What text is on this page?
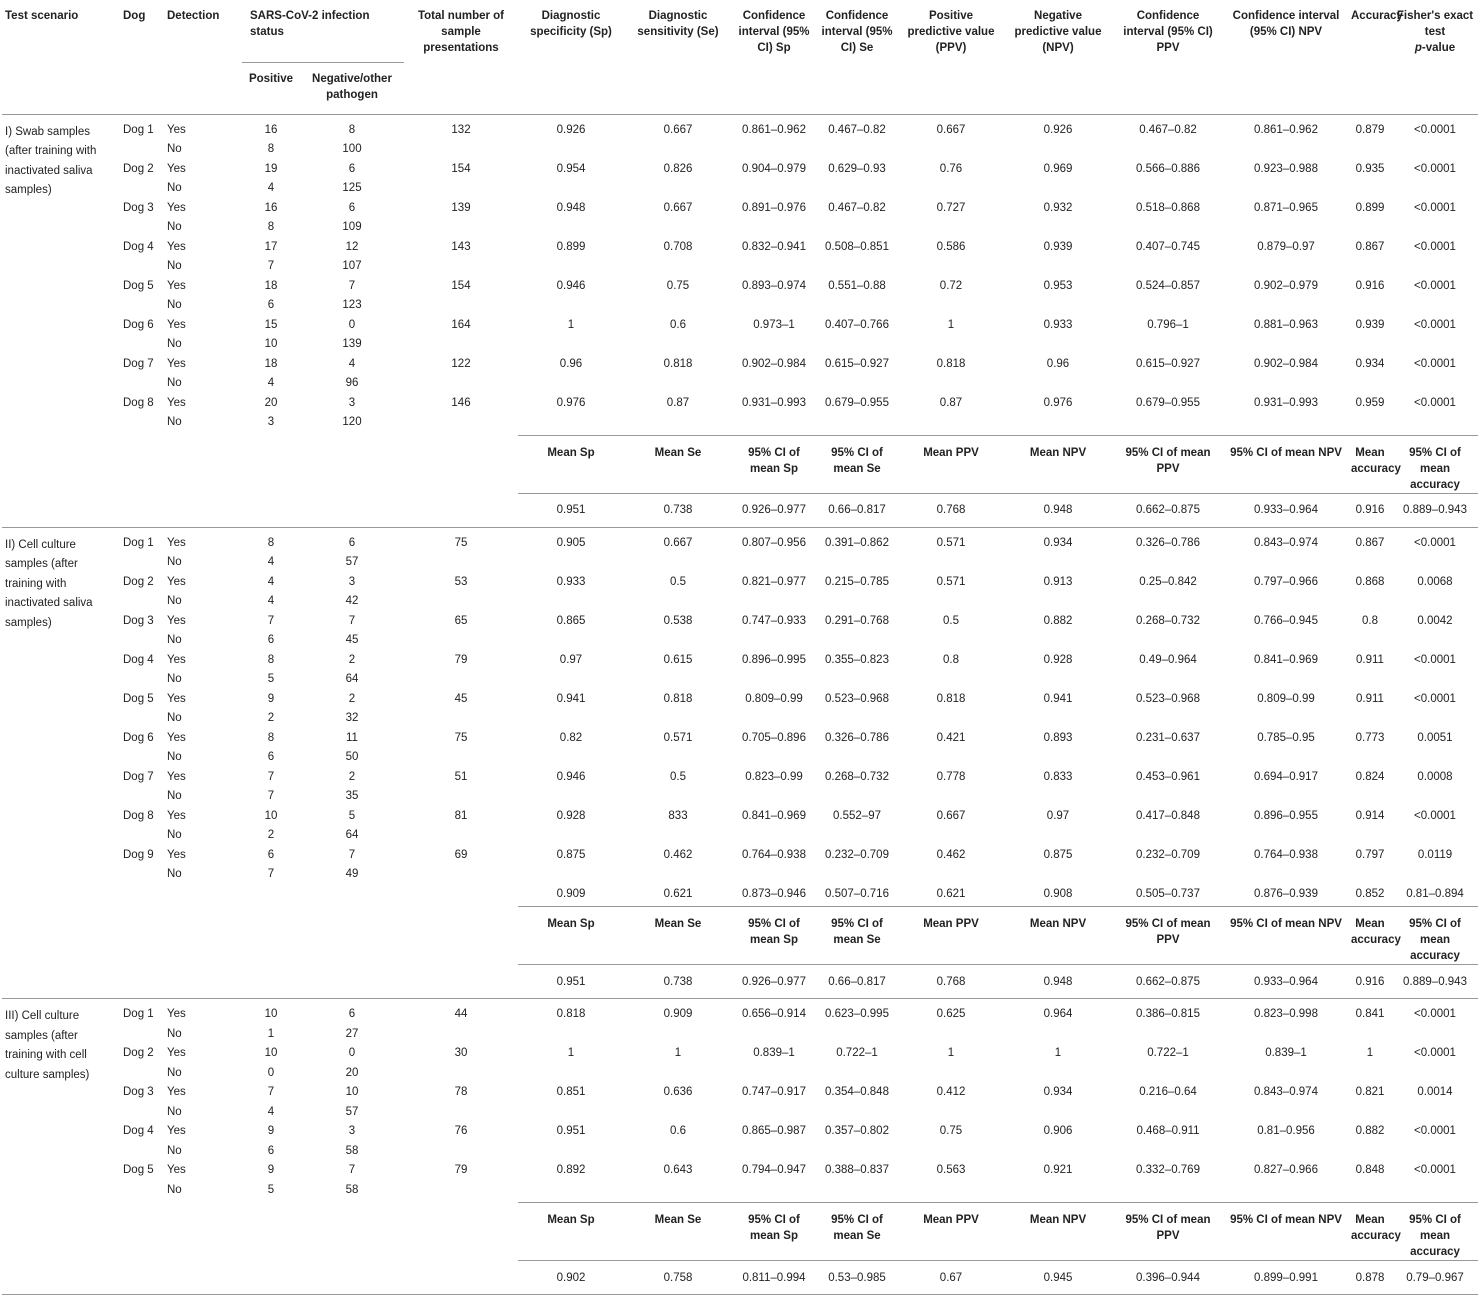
Test scenario	Dog	Detection	SARS-CoV-2 infection status		Total number of sample presentations	Diagnostic specificity (Sp)	Diagnostic sensitivity (Se)	Confidence interval (95% CI) Sp	Confidence interval (95% CI) Se	Positive predictive value (PPV)	Negative predictive value (NPV)	Confidence interval (95% CI) PPV	Confidence interval (95% CI) NPV	Accuracy	Fisher's exact test
p-value
			Positive	Negative/other pathogen											
I) Swab samples (after training with inactivated saliva samples)	Dog 1	Yes	16	8	132	0.926	0.667	0.861–0.962	0.467–0.82	0.667	0.926	0.467–0.82	0.861–0.962	0.879	<0.0001
		No	8	100											
	Dog 2	Yes	19	6	154	0.954	0.826	0.904–0.979	0.629–0.93	0.76	0.969	0.566–0.886	0.923–0.988	0.935	<0.0001
		No	4	125											
	Dog 3	Yes	16	6	139	0.948	0.667	0.891–0.976	0.467–0.82	0.727	0.932	0.518–0.868	0.871–0.965	0.899	<0.0001
		No	8	109											
	Dog 4	Yes	17	12	143	0.899	0.708	0.832–0.941	0.508–0.851	0.586	0.939	0.407–0.745	0.879–0.97	0.867	<0.0001
		No	7	107											
	Dog 5	Yes	18	7	154	0.946	0.75	0.893–0.974	0.551–0.88	0.72	0.953	0.524–0.857	0.902–0.979	0.916	<0.0001
		No	6	123											
	Dog 6	Yes	15	0	164	1	0.6	0.973–1	0.407–0.766	1	0.933	0.796–1	0.881–0.963	0.939	<0.0001
		No	10	139											
	Dog 7	Yes	18	4	122	0.96	0.818	0.902–0.984	0.615–0.927	0.818	0.96	0.615–0.927	0.902–0.984	0.934	<0.0001
		No	4	96											
	Dog 8	Yes	20	3	146	0.976	0.87	0.931–0.993	0.679–0.955	0.87	0.976	0.679–0.955	0.931–0.993	0.959	<0.0001
		No	3	120											
						Mean Sp	Mean Se	95% CI of mean Sp	95% CI of mean Se	Mean PPV	Mean NPV	95% CI of mean PPV	95% CI of mean NPV	Mean accuracy	95% CI of mean accuracy
						0.951	0.738	0.926–0.977	0.66–0.817	0.768	0.948	0.662–0.875	0.933–0.964	0.916	0.889–0.943
II) Cell culture samples (after training with inactivated saliva samples)	Dog 1	Yes	8	6	75	0.905	0.667	0.807–0.956	0.391–0.862	0.571	0.934	0.326–0.786	0.843–0.974	0.867	<0.0001
		No	4	57											
	Dog 2	Yes	4	3	53	0.933	0.5	0.821–0.977	0.215–0.785	0.571	0.913	0.25–0.842	0.797–0.966	0.868	0.0068
		No	4	42											
	Dog 3	Yes	7	7	65	0.865	0.538	0.747–0.933	0.291–0.768	0.5	0.882	0.268–0.732	0.766–0.945	0.8	0.0042
		No	6	45											
	Dog 4	Yes	8	2	79	0.97	0.615	0.896–0.995	0.355–0.823	0.8	0.928	0.49–0.964	0.841–0.969	0.911	<0.0001
		No	5	64											
	Dog 5	Yes	9	2	45	0.941	0.818	0.809–0.99	0.523–0.968	0.818	0.941	0.523–0.968	0.809–0.99	0.911	<0.0001
		No	2	32											
	Dog 6	Yes	8	11	75	0.82	0.571	0.705–0.896	0.326–0.786	0.421	0.893	0.231–0.637	0.785–0.95	0.773	0.0051
		No	6	50											
	Dog 7	Yes	7	2	51	0.946	0.5	0.823–0.99	0.268–0.732	0.778	0.833	0.453–0.961	0.694–0.917	0.824	0.0008
		No	7	35											
	Dog 8	Yes	10	5	81	0.928	833	0.841–0.969	0.552–97	0.667	0.97	0.417–0.848	0.896–0.955	0.914	<0.0001
		No	2	64											
	Dog 9	Yes	6	7	69	0.875	0.462	0.764–0.938	0.232–0.709	0.462	0.875	0.232–0.709	0.764–0.938	0.797	0.0119
		No	7	49											
						0.909	0.621	0.873–0.946	0.507–0.716	0.621	0.908	0.505–0.737	0.876–0.939	0.852	0.81–0.894
						Mean Sp	Mean Se	95% CI of mean Sp	95% CI of mean Se	Mean PPV	Mean NPV	95% CI of mean PPV	95% CI of mean NPV	Mean accuracy	95% CI of mean accuracy
						0.951	0.738	0.926–0.977	0.66–0.817	0.768	0.948	0.662–0.875	0.933–0.964	0.916	0.889–0.943
III) Cell culture samples (after training with cell culture samples)	Dog 1	Yes	10	6	44	0.818	0.909	0.656–0.914	0.623–0.995	0.625	0.964	0.386–0.815	0.823–0.998	0.841	<0.0001
		No	1	27											
	Dog 2	Yes	10	0	30	1	1	0.839–1	0.722–1	1	1	0.722–1	0.839–1	1	<0.0001
		No	0	20											
	Dog 3	Yes	7	10	78	0.851	0.636	0.747–0.917	0.354–0.848	0.412	0.934	0.216–0.64	0.843–0.974	0.821	0.0014
		No	4	57											
	Dog 4	Yes	9	3	76	0.951	0.6	0.865–0.987	0.357–0.802	0.75	0.906	0.468–0.911	0.81–0.956	0.882	<0.0001
		No	6	58											
	Dog 5	Yes	9	7	79	0.892	0.643	0.794–0.947	0.388–0.837	0.563	0.921	0.332–0.769	0.827–0.966	0.848	<0.0001
		No	5	58											
						Mean Sp	Mean Se	95% CI of mean Sp	95% CI of mean Se	Mean PPV	Mean NPV	95% CI of mean PPV	95% CI of mean NPV	Mean accuracy	95% CI of mean accuracy
						0.902	0.758	0.811–0.994	0.53–0.985	0.67	0.945	0.396–0.944	0.899–0.991	0.878	0.79–0.967
